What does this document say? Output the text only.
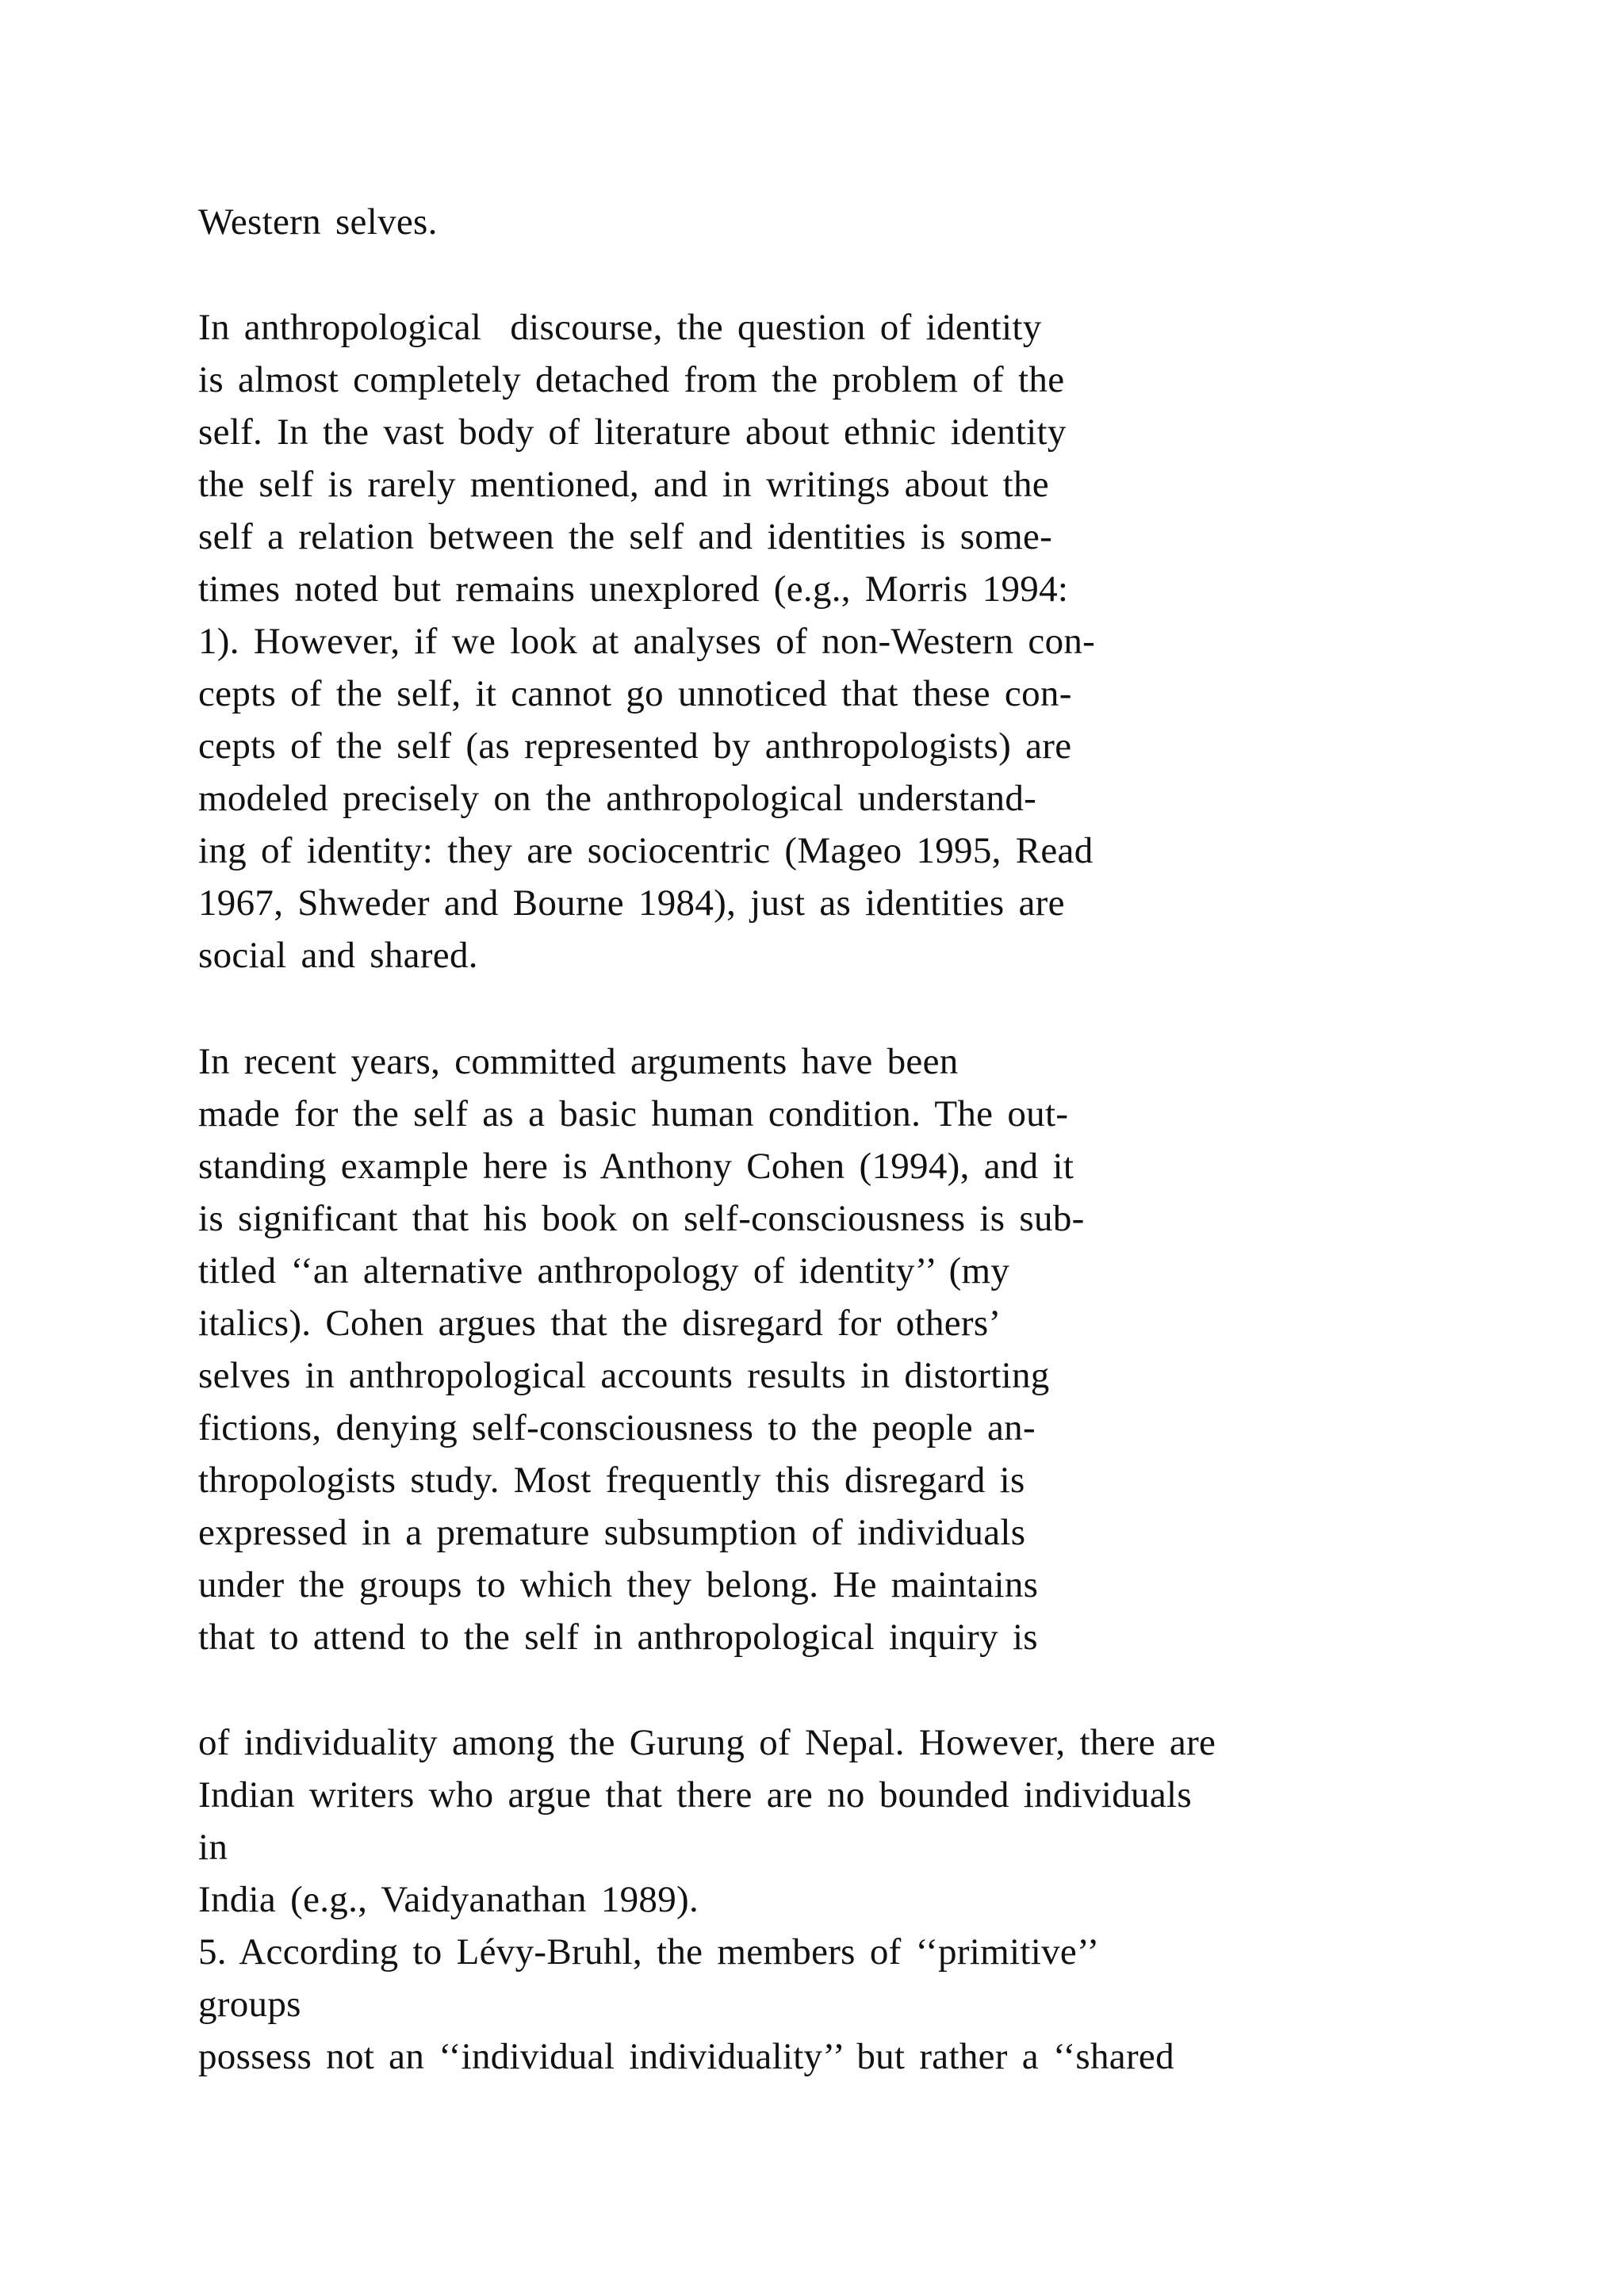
Western selves.
In anthropological  discourse, the question of identity
is almost completely detached from the problem of the
self. In the vast body of literature about ethnic identity
the self is rarely mentioned, and in writings about the
self a relation between the self and identities is some-
times noted but remains unexplored (e.g., Morris 1994:
1). However, if we look at analyses of non-Western con-
cepts of the self, it cannot go unnoticed that these con-
cepts of the self (as represented by anthropologists) are
modeled precisely on the anthropological understand-
ing of identity: they are sociocentric (Mageo 1995, Read
1967, Shweder and Bourne 1984), just as identities are
social and shared.
In recent years, committed arguments have been
made for the self as a basic human condition. The out-
standing example here is Anthony Cohen (1994), and it
is significant that his book on self-consciousness is sub-
titled ‘‘an alternative anthropology of identity’’ (my
italics). Cohen argues that the disregard for others’
selves in anthropological accounts results in distorting
fictions, denying self-consciousness to the people an-
thropologists study. Most frequently this disregard is
expressed in a premature subsumption of individuals
under the groups to which they belong. He maintains
that to attend to the self in anthropological inquiry is
of individuality among the Gurung of Nepal. However, there are
Indian writers who argue that there are no bounded individuals
in
India (e.g., Vaidyanathan 1989).
5. According to Lévy-Bruhl, the members of ‘‘primitive’’
groups
possess not an ‘‘individual individuality’’ but rather a ‘‘shared
